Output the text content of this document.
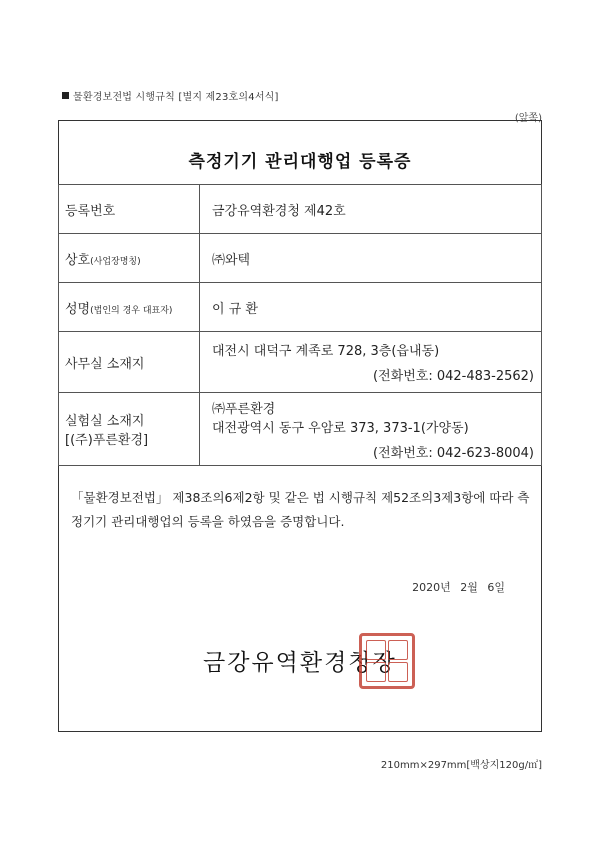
물환경보전법 시행규칙 [별지 제23호의4서식]
(앞쪽)
측정기기 관리대행업 등록증
등록번호	금강유역환경청 제42호
상호(사업장명칭)	㈜와텍
성명(법인의 경우 대표자)	이 규 환
사무실 소재지	대전시 대덕구 계족로 728, 3층(읍내동)
(전화번호: 042-483-2562)

실험실 소재지
[(주)푸른환경]	㈜푸른환경
대전광역시 동구 우암로 373, 373-1(가양동)
(전화번호: 042-623-8004)
「물환경보전법」 제38조의6제2항 및 같은 법 시행규칙 제52조의3제3항에 따라 측정기기 관리대행업의 등록을 하였음을 증명합니다.
2020년 2월 6일
금강유역환경청장
210mm×297mm[백상지120g/㎡]
